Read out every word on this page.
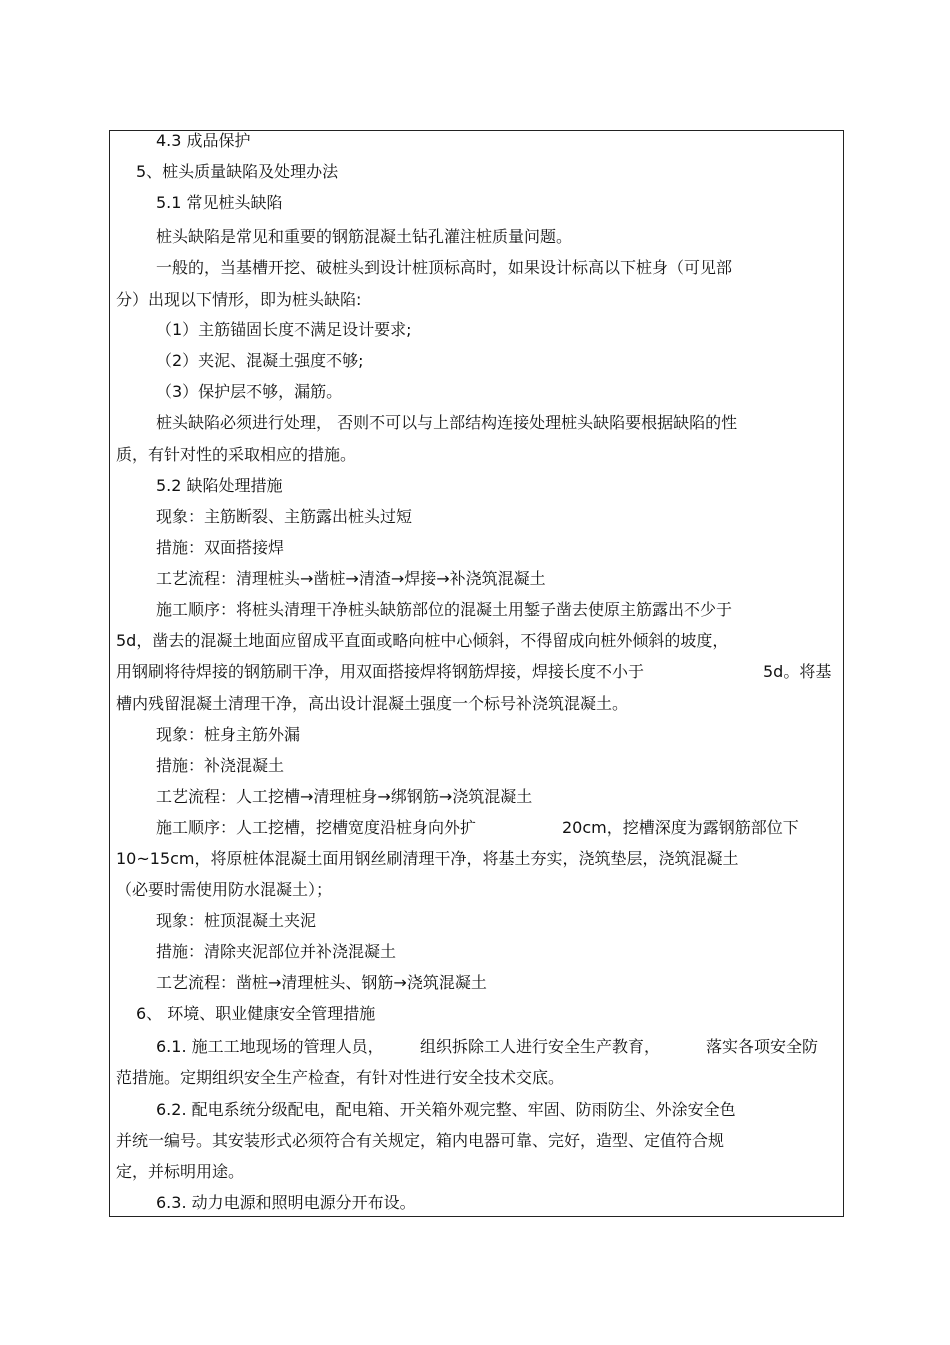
4.3 成品保护
5、桩头质量缺陷及处理办法
5.1 常见桩头缺陷
桩头缺陷是常见和重要的钢筋混凝土钻孔灌注桩质量问题。
一般的，当基槽开挖、破桩头到设计桩顶标高时，如果设计标高以下桩身（可见部
分）出现以下情形，即为桩头缺陷:
（1）主筋锚固长度不满足设计要求;
（2）夹泥、混凝土强度不够;
（3）保护层不够，漏筋。
桩头缺陷必须进行处理， 否则不可以与上部结构连接处理桩头缺陷要根据缺陷的性
质，有针对性的采取相应的措施。
5.2 缺陷处理措施
现象：主筋断裂、主筋露出桩头过短
措施：双面搭接焊
工艺流程：清理桩头→凿桩→清渣→焊接→补浇筑混凝土
施工顺序：将桩头清理干净桩头缺筋部位的混凝土用錾子凿去使原主筋露出不少于
5d，凿去的混凝土地面应留成平直面或略向桩中心倾斜，不得留成向桩外倾斜的坡度，
用钢刷将待焊接的钢筋刷干净，用双面搭接焊将钢筋焊接，焊接长度不小于	5d。将基
槽内残留混凝土清理干净，高出设计混凝土强度一个标号补浇筑混凝土。
现象：桩身主筋外漏
措施：补浇混凝土
工艺流程：人工挖槽→清理桩身→绑钢筋→浇筑混凝土
施工顺序：人工挖槽，挖槽宽度沿桩身向外扩	20cm，挖槽深度为露钢筋部位下
10~15cm，将原桩体混凝土面用钢丝刷清理干净，将基土夯实，浇筑垫层，浇筑混凝土
（必要时需使用防水混凝土）；
现象：桩顶混凝土夹泥
措施：清除夹泥部位并补浇混凝土
工艺流程：凿桩→清理桩头、钢筋→浇筑混凝土
6、 环境、职业健康安全管理措施
6.1. 施工工地现场的管理人员， 组织拆除工人进行安全生产教育，	落实各项安全防
范措施。定期组织安全生产检查，有针对性进行安全技术交底。
6.2. 配电系统分级配电，配电箱、开关箱外观完整、牢固、防雨防尘、外涂安全色
并统一编号。其安装形式必须符合有关规定，箱内电器可靠、完好，造型、定值符合规
定，并标明用途。
6.3. 动力电源和照明电源分开布设。
